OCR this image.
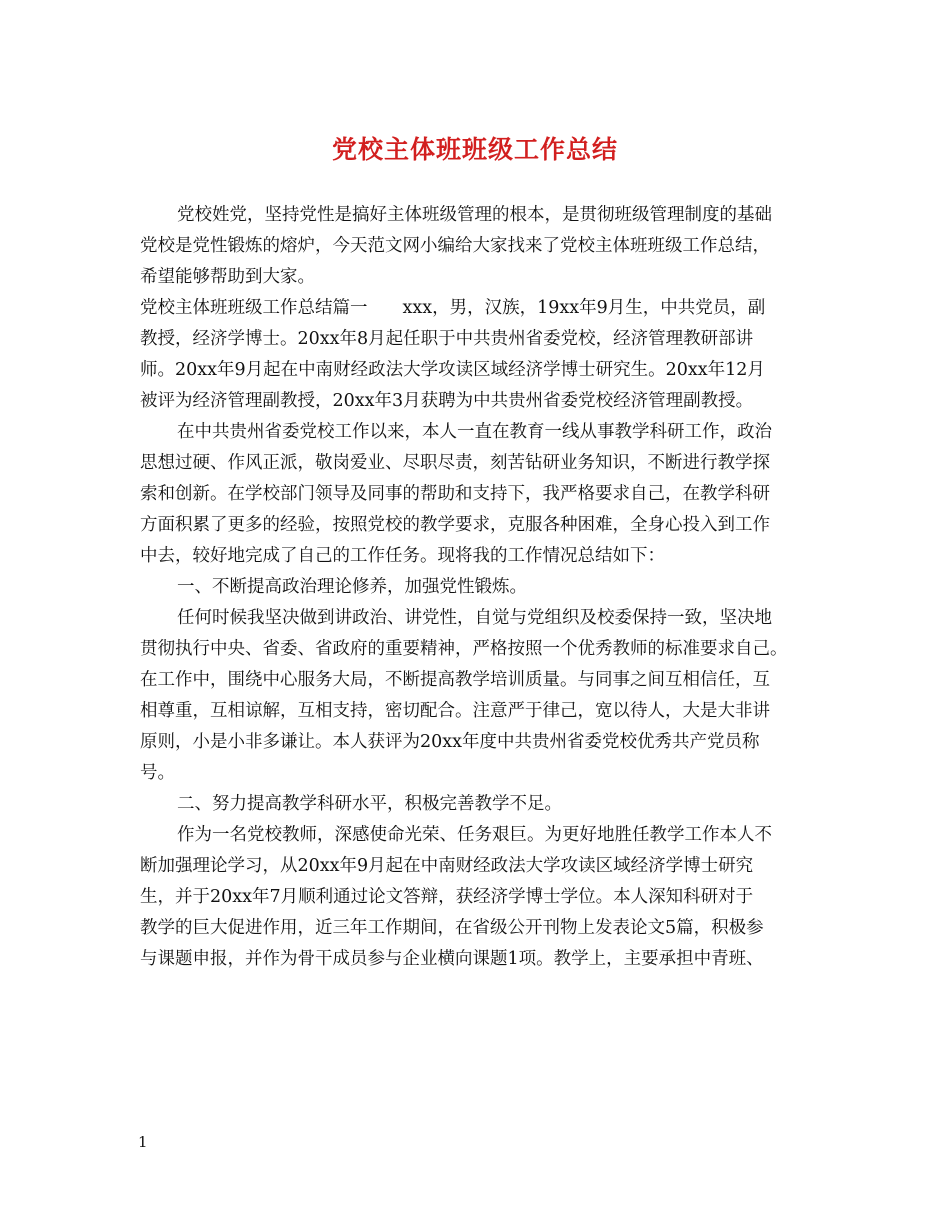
党校主体班班级工作总结
党校姓党，坚持党性是搞好主体班级管理的根本，是贯彻班级管理制度的基础
党校是党性锻炼的熔炉，今天范文网小编给大家找来了党校主体班班级工作总结，
希望能够帮助到大家。
党校主体班班级工作总结篇一　　xxx，男，汉族，19xx年9月生，中共党员，副
教授，经济学博士。20xx年8月起任职于中共贵州省委党校，经济管理教研部讲
师。20xx年9月起在中南财经政法大学攻读区域经济学博士研究生。20xx年12月
被评为经济管理副教授，20xx年3月获聘为中共贵州省委党校经济管理副教授。
在中共贵州省委党校工作以来，本人一直在教育一线从事教学科研工作，政治
思想过硬、作风正派，敬岗爱业、尽职尽责，刻苦钻研业务知识，不断进行教学探
索和创新。在学校部门领导及同事的帮助和支持下，我严格要求自己，在教学科研
方面积累了更多的经验，按照党校的教学要求，克服各种困难，全身心投入到工作
中去，较好地完成了自己的工作任务。现将我的工作情况总结如下：
一、不断提高政治理论修养，加强党性锻炼。
任何时候我坚决做到讲政治、讲党性，自觉与党组织及校委保持一致，坚决地
贯彻执行中央、省委、省政府的重要精神，严格按照一个优秀教师的标准要求自己。
在工作中，围绕中心服务大局，不断提高教学培训质量。与同事之间互相信任，互
相尊重，互相谅解，互相支持，密切配合。注意严于律己，宽以待人，大是大非讲
原则，小是小非多谦让。本人获评为20xx年度中共贵州省委党校优秀共产党员称
号。
二、努力提高教学科研水平，积极完善教学不足。
作为一名党校教师，深感使命光荣、任务艰巨。为更好地胜任教学工作本人不
断加强理论学习，从20xx年9月起在中南财经政法大学攻读区域经济学博士研究
生，并于20xx年7月顺利通过论文答辩，获经济学博士学位。本人深知科研对于
教学的巨大促进作用，近三年工作期间，在省级公开刊物上发表论文5篇，积极参
与课题申报，并作为骨干成员参与企业横向课题1项。教学上，主要承担中青班、
1
